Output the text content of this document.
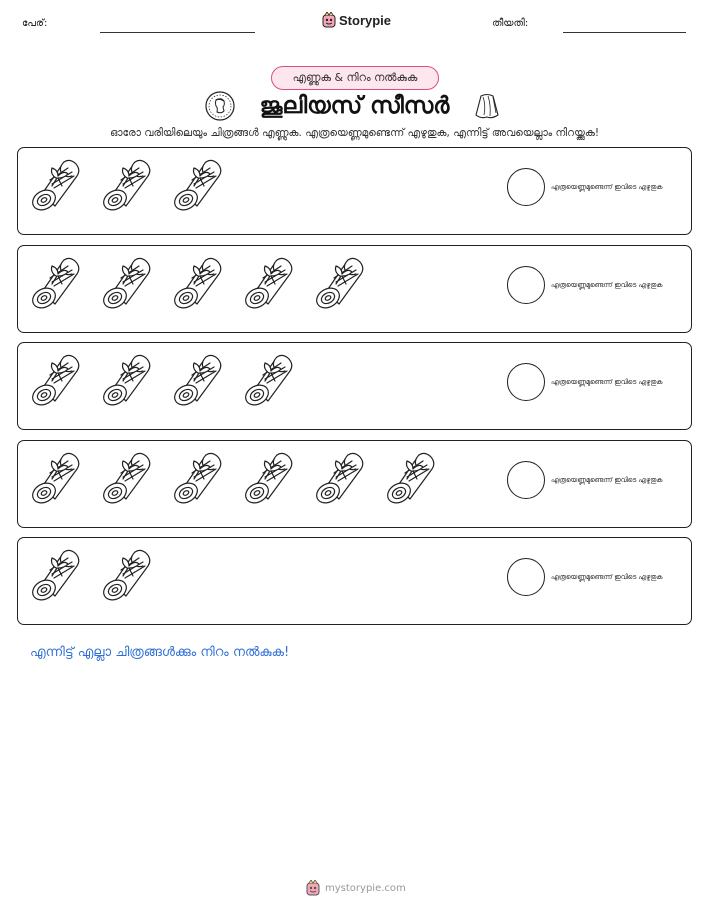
പേര്:	Storypie	തീയതി:
എണ്ണുക & നിറം നൽകുക
ജൂലിയസ് സീസർ
ഓരോ വരിയിലെയും ചിത്രങ്ങൾ എണ്ണുക. എത്രയെണ്ണമുണ്ടെന്ന് എഴുതുക, എന്നിട്ട് അവയെല്ലാം നിറയ്ക്കുക!
എത്രയെണ്ണമുണ്ടെന്ന് ഇവിടെ എഴുതുക
എത്രയെണ്ണമുണ്ടെന്ന് ഇവിടെ എഴുതുക
എത്രയെണ്ണമുണ്ടെന്ന് ഇവിടെ എഴുതുക
എത്രയെണ്ണമുണ്ടെന്ന് ഇവിടെ എഴുതുക
എത്രയെണ്ണമുണ്ടെന്ന് ഇവിടെ എഴുതുക
എന്നിട്ട് എല്ലാ ചിത്രങ്ങൾക്കും നിറം നൽകുക!
mystorypie.com
